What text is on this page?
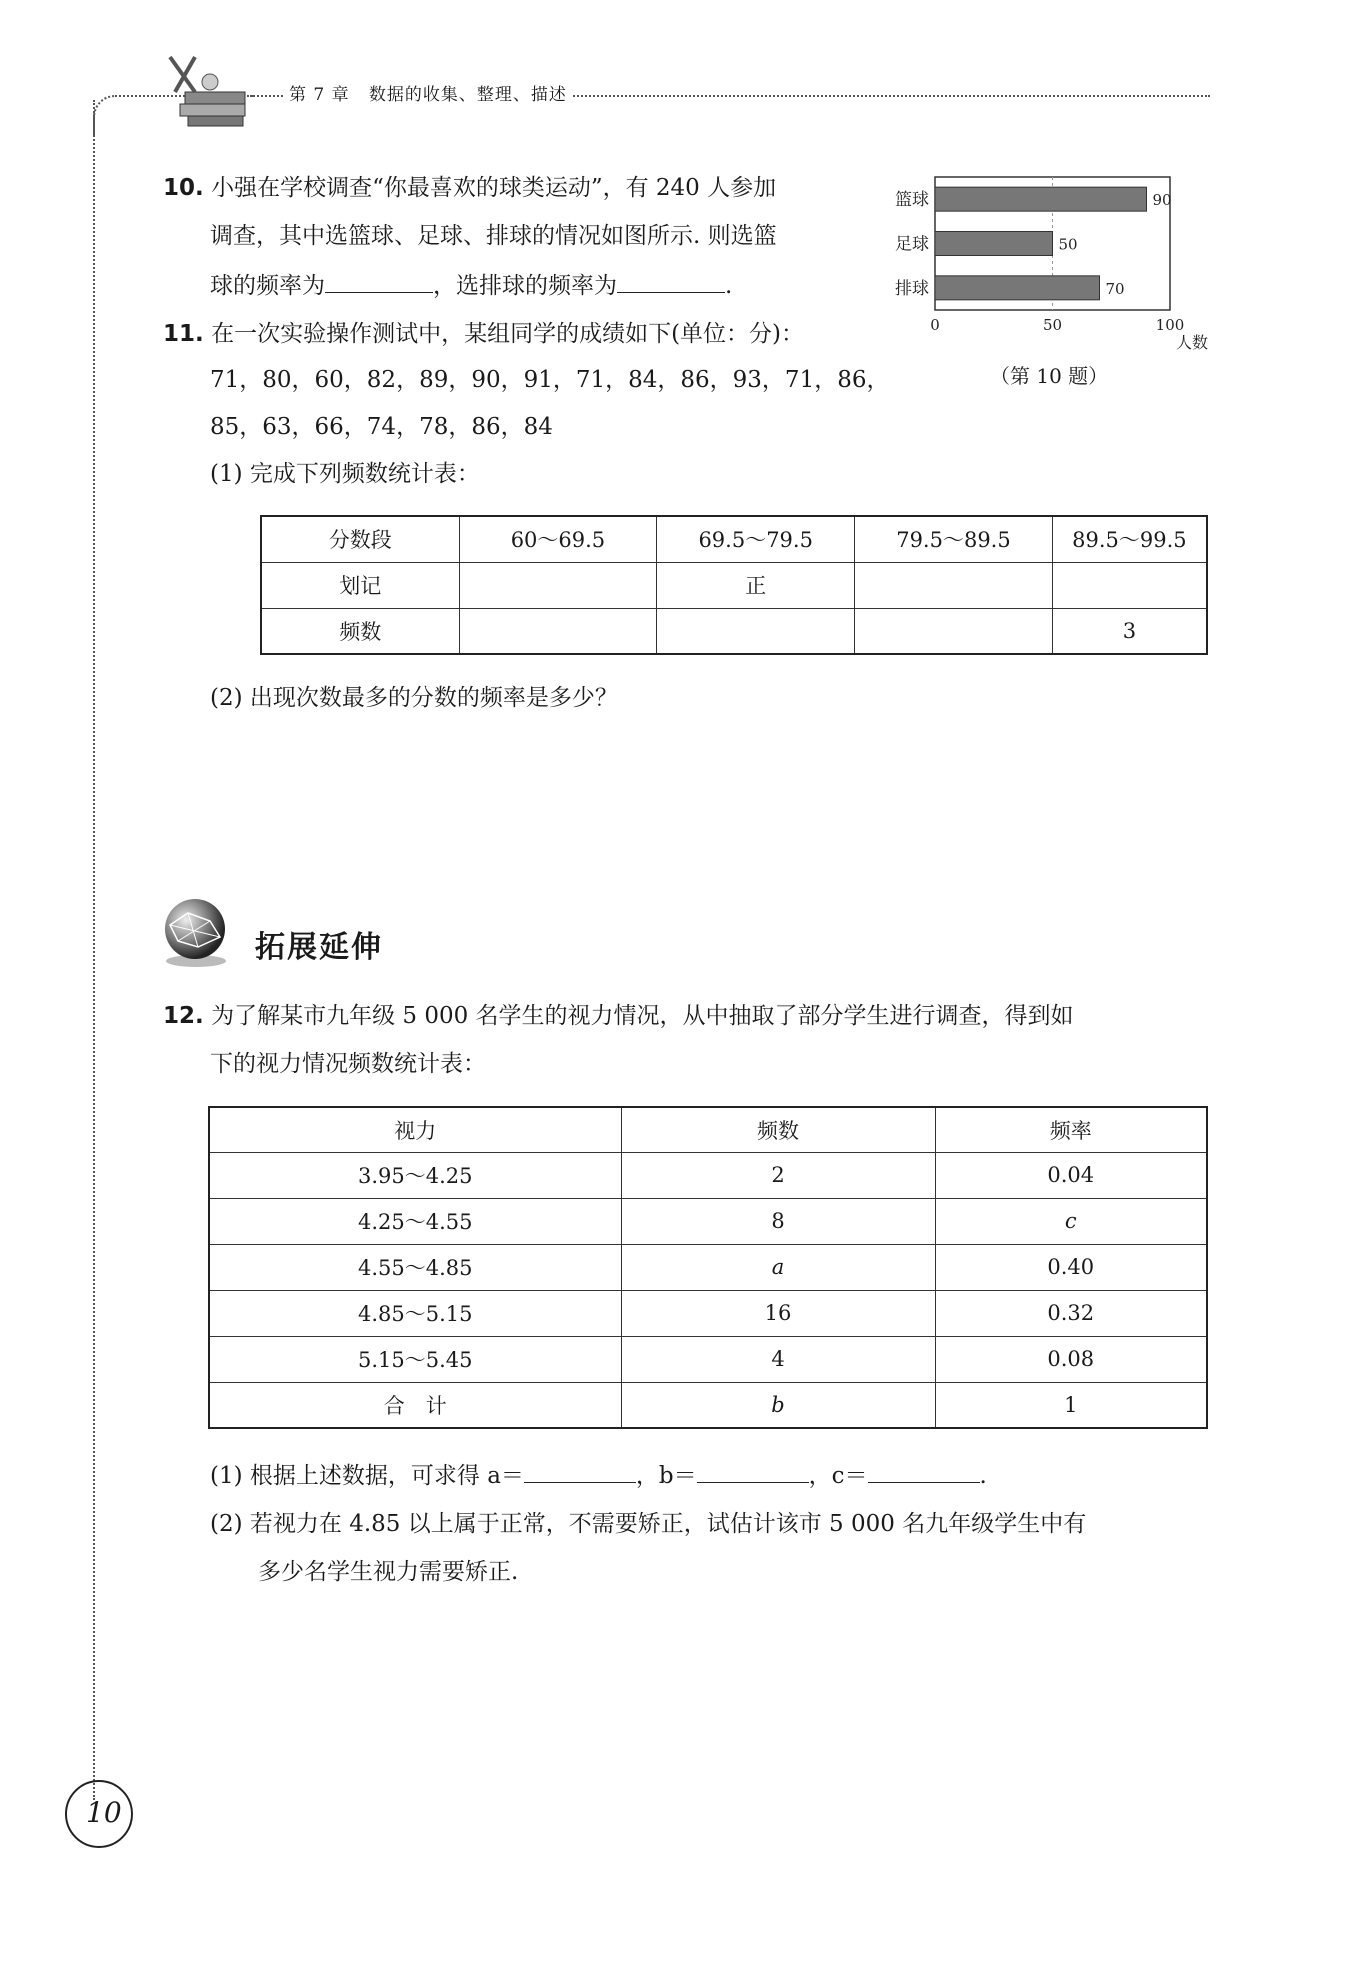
第 7 章 数据的收集、整理、描述
10. 小强在学校调查“你最喜欢的球类运动”，有 240 人参加
调查，其中选篮球、足球、排球的情况如图所示. 则选篮
球的频率为	，选排球的频率为	.
篮球	90
足球	50
排球	70
0	50	100
人数
（第 10 题）
11. 在一次实验操作测试中，某组同学的成绩如下(单位：分)：
71，80，60，82，89，90，91，71，84，86，93，71，86，
85，63，66，74，78，86，84
(1) 完成下列频数统计表：
分数段	60～69.5	69.5～79.5	79.5～89.5	89.5～99.5
划记		正		
频数				3
(2) 出现次数最多的分数的频率是多少？
拓展延伸
12. 为了解某市九年级 5 000 名学生的视力情况，从中抽取了部分学生进行调查，得到如
下的视力情况频数统计表：
视力	频数	频率
3.95～4.25	2	0.04
4.25～4.55	8	c
4.55～4.85	a	0.40
4.85～5.15	16	0.32
5.15～5.45	4	0.08
合　计	b	1
(1) 根据上述数据，可求得 a＝	，b＝	，c＝	.
(2) 若视力在 4.85 以上属于正常，不需要矫正，试估计该市 5 000 名九年级学生中有
多少名学生视力需要矫正.
10
